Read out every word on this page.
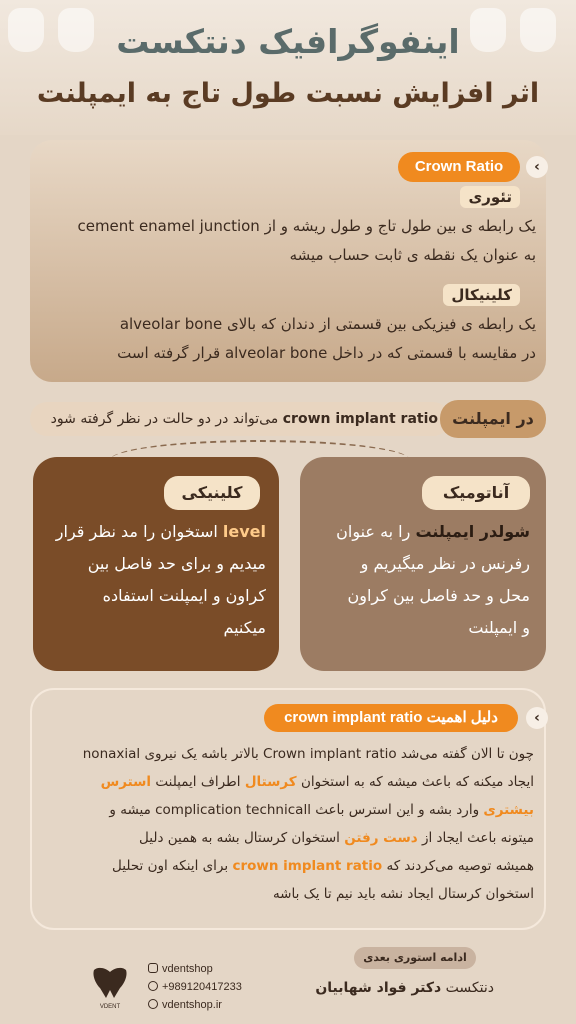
اینفوگرافیک دنتکست
اثر افزایش نسبت طول تاج به ایمپلنت
Crown Ratio	‹
تئوری
یک رابطه ی بین طول تاج و طول ریشه و از cement enamel junction
به عنوان یک نقطه ی ثابت حساب میشه
کلینیکال
یک رابطه ی فیزیکی بین قسمتی از دندان که بالای alveolar bone
در مقایسه با قسمتی که در داخل alveolar bone قرار گرفته است
crown implant ratio می‌تواند در دو حالت در نظر گرفته شود	در ایمپلنت
کلینیکی	آناتومیک
level استخوان را مد نظر قرار
میدیم و برای حد فاصل بین
کراون و ایمپلنت استفاده
میکنیم
شولدر ایمپلنت را به عنوان
رفرنس در نظر میگیریم و
محل و حد فاصل بین کراون
و ایمپلنت
دلیل اهمیت crown implant ratio	‹
چون تا الان گفته می‌شد Crown implant ratio بالاتر باشه یک نیروی nonaxial
ایجاد میکنه که باعث میشه که به استخوان کرستال اطراف ایمپلنت استرس
بیشتری وارد بشه و این استرس باعث complication technicall میشه و
میتونه باعث ایجاد از دست رفتن استخوان کرستال بشه به همین دلیل
همیشه توصیه می‌کردند که crown implant ratio برای اینکه اون تحلیل
استخوان کرستال ایجاد نشه باید نیم تا یک باشه
VDENT
vdentshop
+989120417233
vdentshop.ir
ادامه استوری بعدی
دنتکست دکتر فواد شهابیان
